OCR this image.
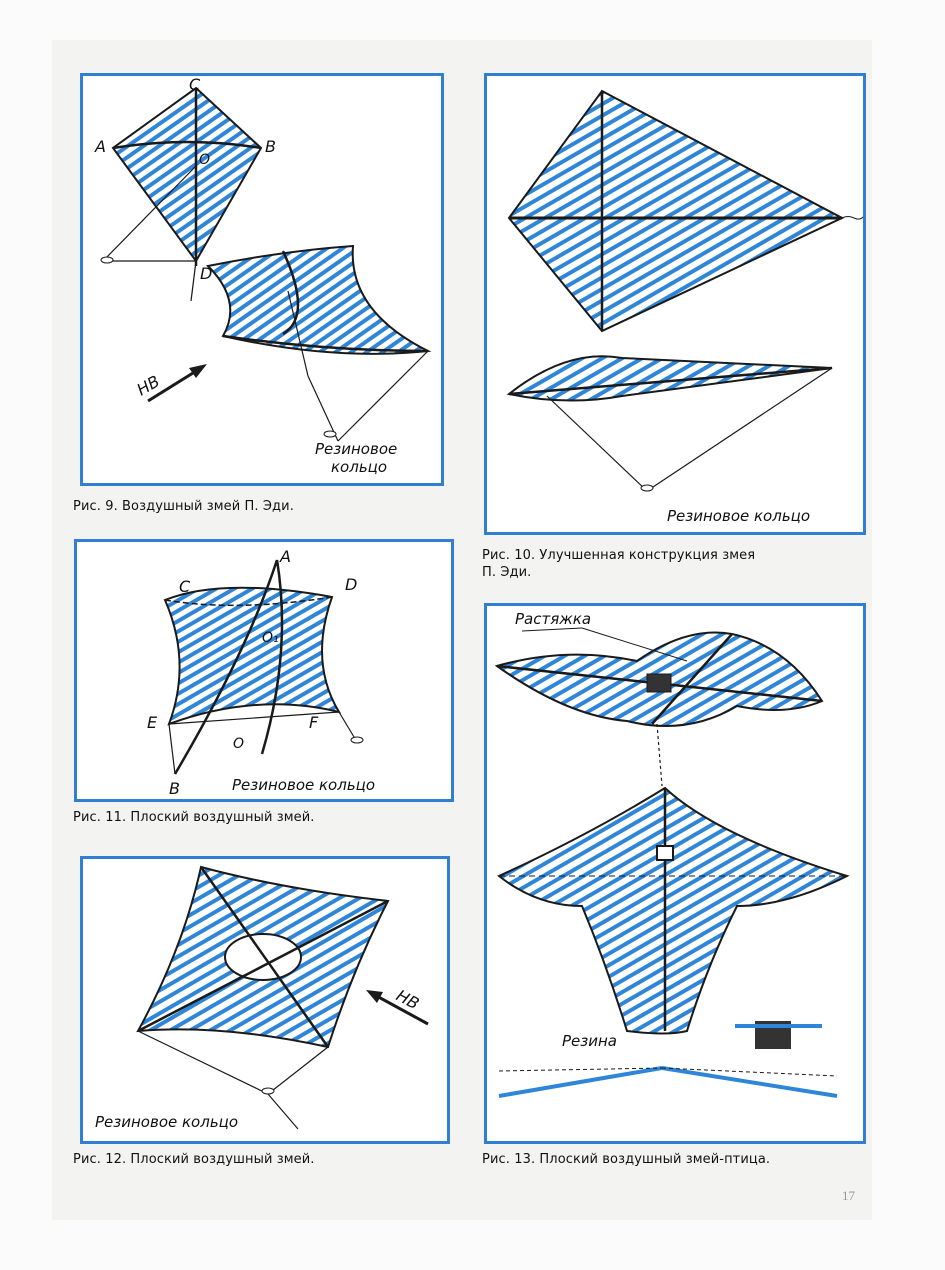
A	B
C
D
O
НВ
Резиновое
кольцо
Рис. 9. Воздушный змей П. Эди.
Резиновое кольцо
Рис. 10. Улучшенная конструкция змея
П. Эди.
A
B
C	D
E	F
O
O₁
Резиновое кольцо
Рис. 11. Плоский воздушный змей.
НВ
Резиновое кольцо
Рис. 12. Плоский воздушный змей.
Растяжка
Резина
Рис. 13. Плоский воздушный змей-птица.
17
